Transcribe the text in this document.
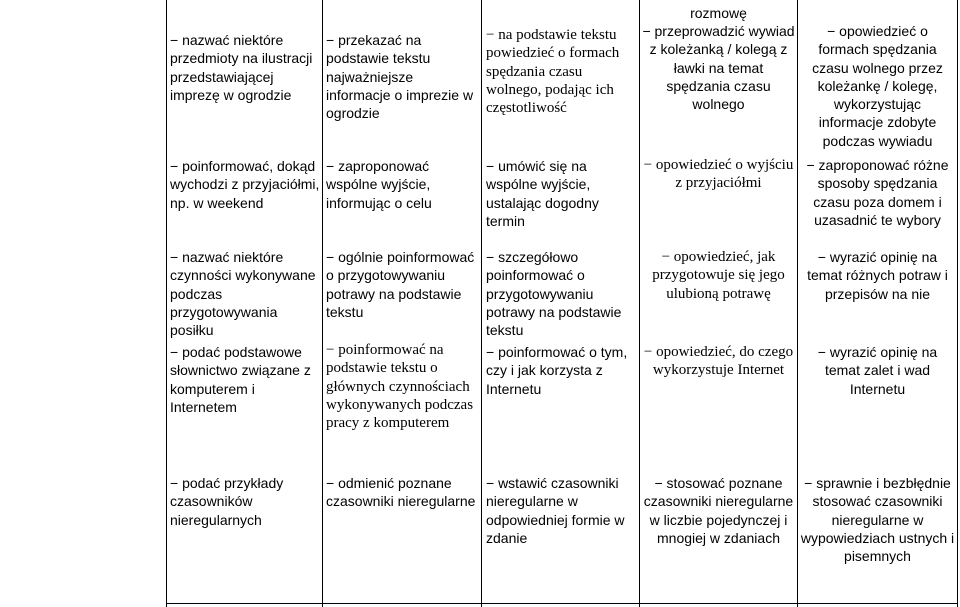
− nazwać niektóre przedmioty na ilustracji przedstawiającej imprezę w ogrodzie

− poinformować, dokąd wychodzi z przyjaciółmi, np. w weekend

− nazwać niektóre czynności wykonywane podczas przygotowywania posiłku

− podać podstawowe słownictwo związane z komputerem i Internetem

− podać przykłady czasowników nieregularnych

− przekazać na podstawie tekstu najważniejsze informacje o imprezie w ogrodzie

− zaproponować wspólne wyjście, informując o celu

− ogólnie poinformować o przygotowywaniu potrawy na podstawie tekstu

− poinformować na podstawie tekstu o głównych czynnościach wykonywanych podczas pracy z komputerem

− odmienić poznane czasowniki nieregularne

− na podstawie tekstu powiedzieć o formach spędzania czasu wolnego, podając ich częstotliwość

− umówić się na wspólne wyjście, ustalając dogodny termin

− szczegółowo poinformować o przygotowywaniu potrawy na podstawie tekstu

− poinformować o tym, czy i jak korzysta z Internetu

− wstawić czasowniki nieregularne w odpowiedniej formie w zdanie

rozmowę

− przeprowadzić wywiad z koleżanką / kolegą z ławki na temat spędzania czasu wolnego

− opowiedzieć o wyjściu z przyjaciółmi

− opowiedzieć, jak przygotowuje się jego ulubioną potrawę

− opowiedzieć, do czego wykorzystuje Internet

− stosować poznane czasowniki nieregularne w liczbie pojedynczej i mnogiej w zdaniach

− opowiedzieć o formach spędzania czasu wolnego przez koleżankę / kolegę, wykorzystując informacje zdobyte podczas wywiadu

− zaproponować różne sposoby spędzania czasu poza domem i uzasadnić te wybory

− wyrazić opinię na temat różnych potraw i przepisów na nie

− wyrazić opinię na temat zalet i wad Internetu

− sprawnie i bezbłędnie stosować czasowniki nieregularne w wypowiedziach ustnych i pisemnych
